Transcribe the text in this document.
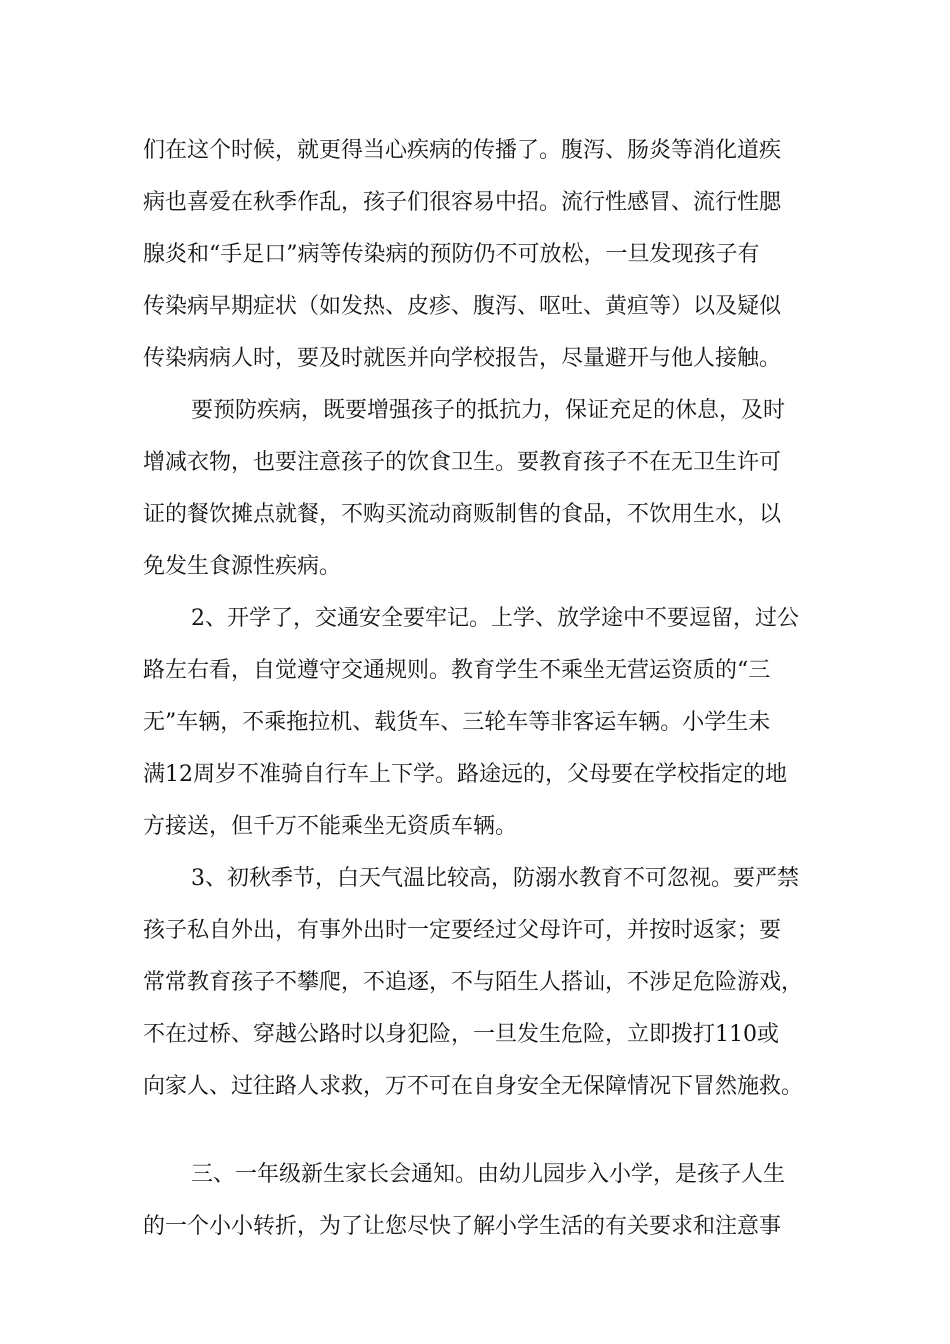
们在这个时候，就更得当心疾病的传播了。腹泻、肠炎等消化道疾
病也喜爱在秋季作乱，孩子们很容易中招。流行性感冒、流行性腮
腺炎和“手足口”病等传染病的预防仍不可放松，一旦发现孩子有
传染病早期症状（如发热、皮疹、腹泻、呕吐、黄疸等）以及疑似
传染病病人时，要及时就医并向学校报告，尽量避开与他人接触。
要预防疾病，既要增强孩子的抵抗力，保证充足的休息，及时
增减衣物，也要注意孩子的饮食卫生。要教育孩子不在无卫生许可
证的餐饮摊点就餐，不购买流动商贩制售的食品，不饮用生水，以
免发生食源性疾病。
2、开学了，交通安全要牢记。上学、放学途中不要逗留，过公
路左右看，自觉遵守交通规则。教育学生不乘坐无营运资质的“三
无”车辆，不乘拖拉机、载货车、三轮车等非客运车辆。小学生未
满12周岁不准骑自行车上下学。路途远的，父母要在学校指定的地
方接送，但千万不能乘坐无资质车辆。
3、初秋季节，白天气温比较高，防溺水教育不可忽视。要严禁
孩子私自外出，有事外出时一定要经过父母许可，并按时返家；要
常常教育孩子不攀爬，不追逐，不与陌生人搭讪，不涉足危险游戏，
不在过桥、穿越公路时以身犯险，一旦发生危险，立即拨打110或
向家人、过往路人求救，万不可在自身安全无保障情况下冒然施救。
三、一年级新生家长会通知。由幼儿园步入小学，是孩子人生
的一个小小转折，为了让您尽快了解小学生活的有关要求和注意事
